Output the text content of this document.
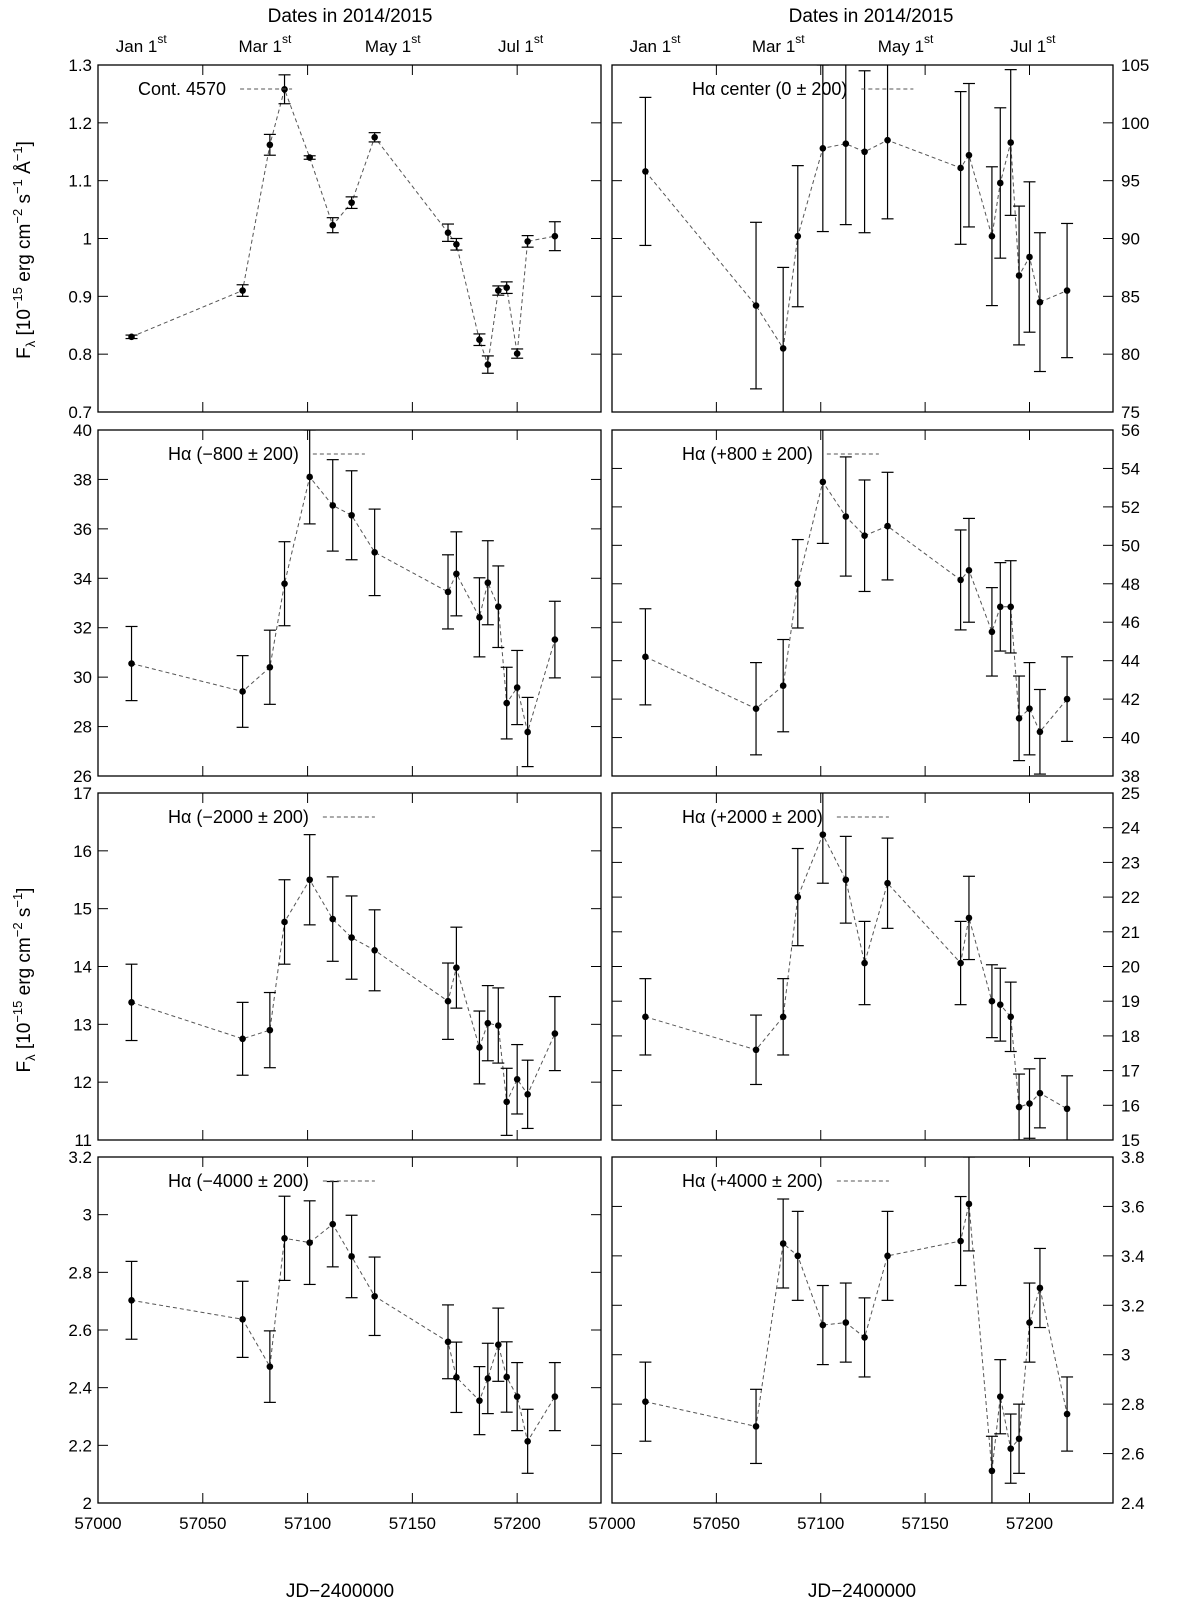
0.7
0.8
0.9
1
1.1
1.2
1.3
Cont. 4570
75
80
85
90
95
100
105
Hα center (0 ± 200)
26
28
30
32
34
36
38
40
Hα (−800 ± 200)
38
40
42
44
46
48
50
52
54
56
Hα (+800 ± 200)
11
12
13
14
15
16
17
Hα (−2000 ± 200)
15
16
17
18
19
20
21
22
23
24
25
Hα (+2000 ± 200)
57000	57050	57100	57150	57200
2
2.2
2.4
2.6
2.8
3
3.2
Hα (−4000 ± 200)
57000	57050	57100	57150	57200
2.4
2.6
2.8
3
3.2
3.4
3.6
3.8
Hα (+4000 ± 200)
Jan 1st	Mar 1st	May 1st	Jul 1st	Jan 1st	Mar 1st	May 1st	Jul 1st
Dates in 2014/2015	Dates in 2014/2015
JD−2400000	JD−2400000
$F_\lambda$ [$10^{-15}$ erg $cm^{-2}$ $s^{-1}$ $Å^{-1}$]
$F_\lambda$ [$10^{-15}$ erg $cm^{-2}$ $s^{-1}$]
